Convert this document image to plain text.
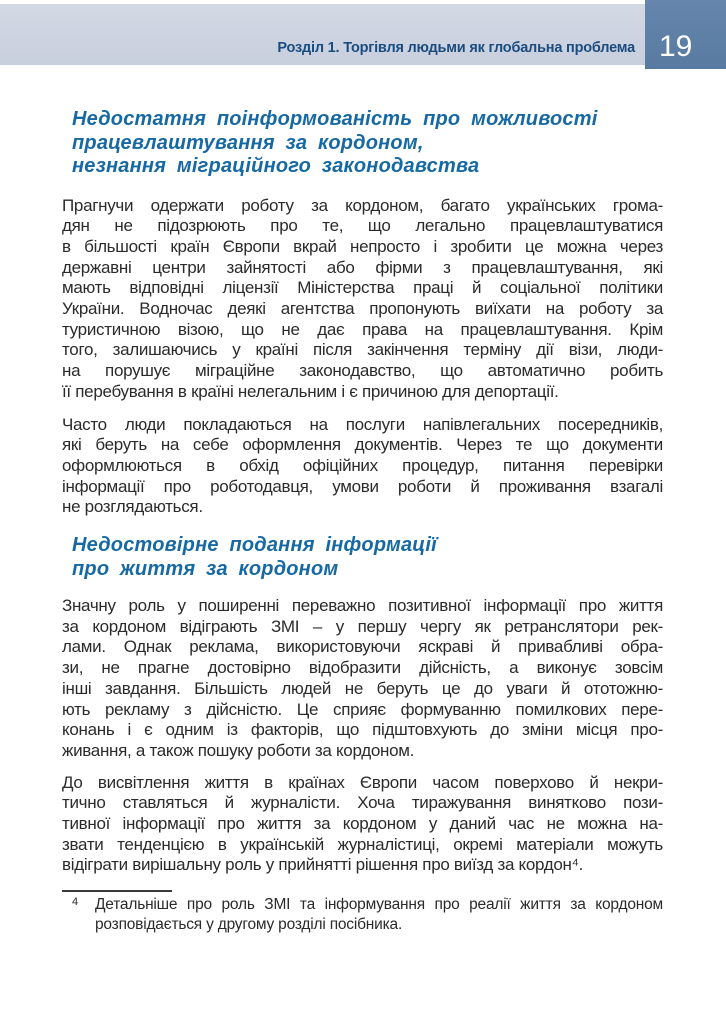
Розділ 1. Торгівля людьми як глобальна проблема 19
Недостатня поінформованість про можливості
працевлаштування за кордоном,
незнання міграційного законодавства

Прагнучи одержати роботу за кордоном, багато українських грома-
дян не підозрюють про те, що легально працевлаштуватися
в більшості країн Європи вкрай непросто і зробити це можна через
державні центри зайнятості або фірми з працевлаштування, які
мають відповідні ліцензії Міністерства праці й соціальної політики
України. Водночас деякі агентства пропонують виїхати на роботу за
туристичною візою, що не дає права на працевлаштування. Крім
того, залишаючись у країні після закінчення терміну дії візи, люди-
на порушує міграційне законодавство, що автоматично робить
її перебування в країні нелегальним і є причиною для депортації.

Часто люди покладаються на послуги напівлегальних посередників,
які беруть на себе оформлення документів. Через те що документи
оформлюються в обхід офіційних процедур, питання перевірки
інформації про роботодавця, умови роботи й проживання взагалі
не розглядаються.

Недостовірне подання інформації
про життя за кордоном

Значну роль у поширенні переважно позитивної інформації про життя
за кордоном відіграють ЗМІ – у першу чергу як ретранслятори рек-
лами. Однак реклама, використовуючи яскраві й привабливі обра-
зи, не прагне достовірно відобразити дійсність, а виконує зовсім
інші завдання. Більшість людей не беруть це до уваги й ототожню-
ють рекламу з дійсністю. Це сприяє формуванню помилкових пере-
конань і є одним із факторів, що підштовхують до зміни місця про-
живання, а також пошуку роботи за кордоном.

До висвітлення життя в країнах Європи часом поверхово й некри-
тично ставляться й журналісти. Хоча тиражування винятково пози-
тивної інформації про життя за кордоном у даний час не можна на-
звати тенденцією в українській журналістиці, окремі матеріали можуть
відіграти вирішальну роль у прийнятті рішення про виїзд за кордон⁴.

4	Детальніше про роль ЗМІ та інформування про реалії життя за кордоном
розповідається у другому розділі посібника.
